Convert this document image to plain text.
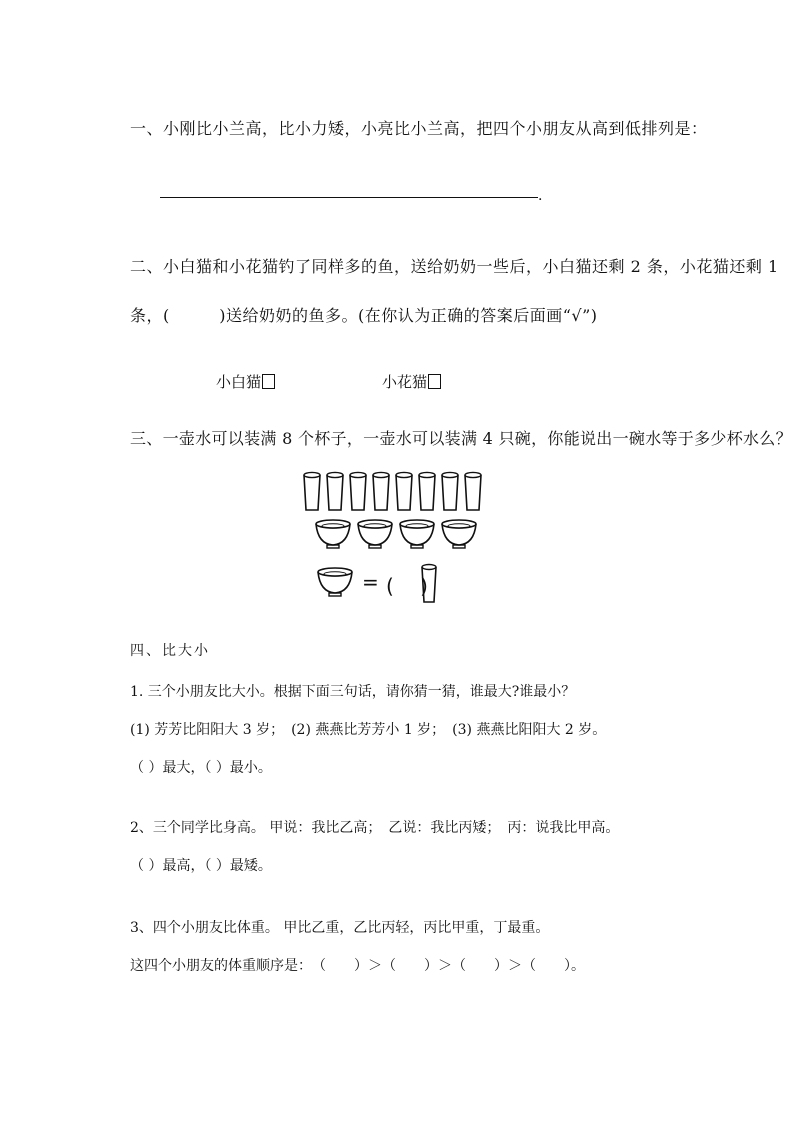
一、小刚比小兰高，比小力矮，小亮比小兰高，把四个小朋友从高到低排列是：
.
二、小白猫和小花猫钓了同样多的鱼，送给奶奶一些后，小白猫还剩 2 条，小花猫还剩 1
条，(　　　)送给奶奶的鱼多。(在你认为正确的答案后面画“√”)
小白猫	小花猫
三、一壶水可以装满 8 个杯子，一壶水可以装满 4 只碗，你能说出一碗水等于多少杯水么？
= (　 )
四、比大小
1. 三个小朋友比大小。根据下面三句话，请你猜一猜，谁最大?谁最小？
(1) 芳芳比阳阳大 3 岁；　(2) 燕燕比芳芳小 1 岁；　(3) 燕燕比阳阳大 2 岁。
（ ）最大，（ ）最小。
2、三个同学比身高。 甲说：我比乙高；　乙说：我比丙矮；　丙：说我比甲高。
（ ）最高，（ ）最矮。
3、四个小朋友比体重。 甲比乙重，乙比丙轻，丙比甲重，丁最重。
这四个小朋友的体重顺序是：　（　　）＞（　　）＞（　　）＞（　　）。
